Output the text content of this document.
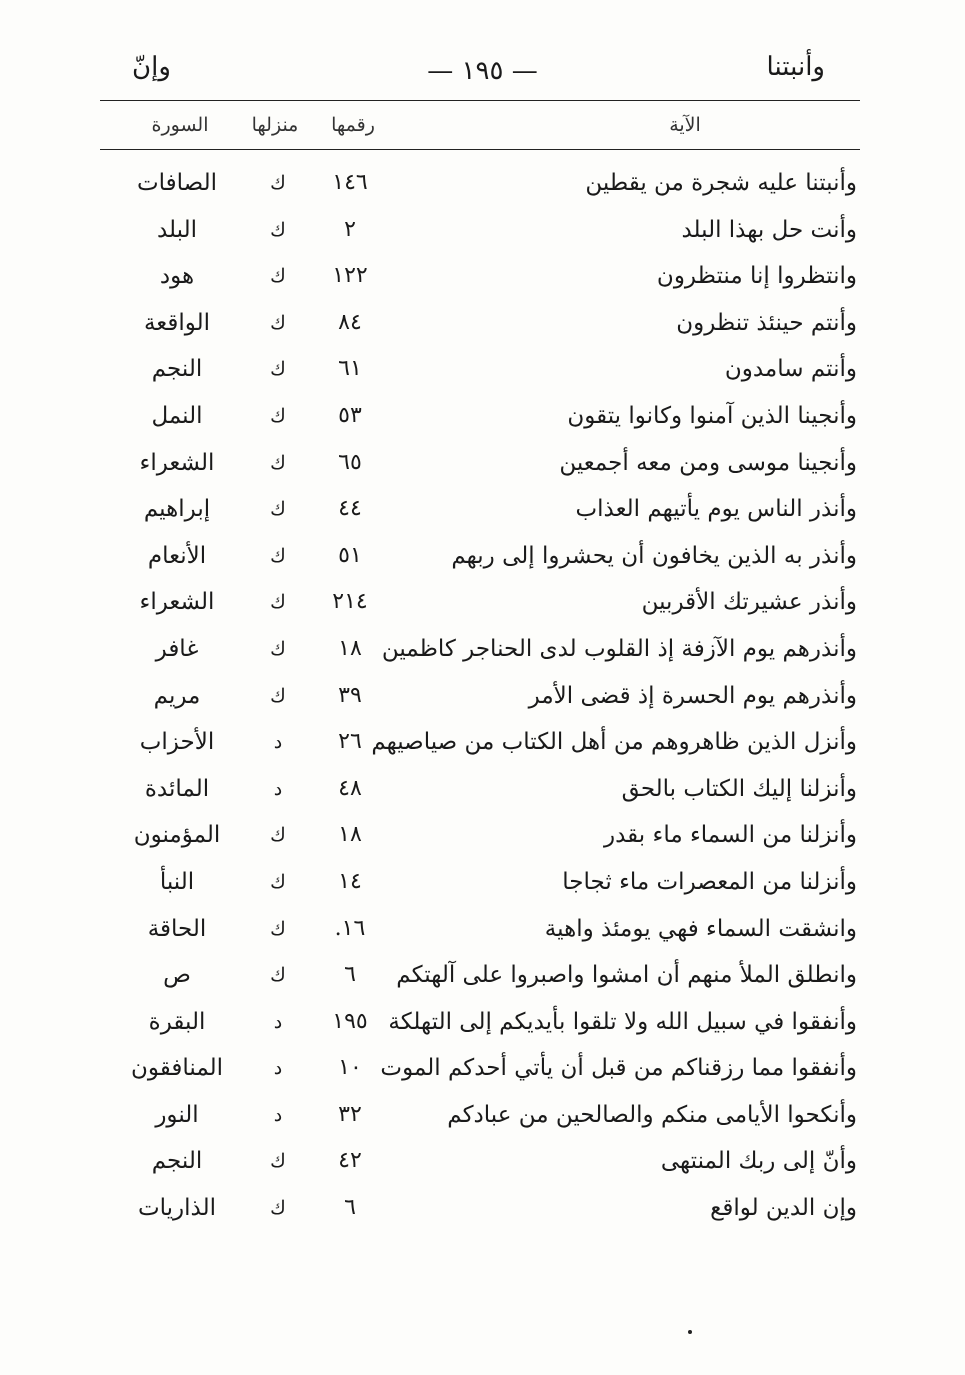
وأنبتنا
— ١٩٥ —
وإنّ
الآية
رقمها
منزلها
السورة
وأنبتنا عليه شجرة من يقطين
١٤٦
ك
الصافات
وأنت حل بهذا البلد
٢
ك
البلد
وانتظروا إنا منتظرون
١٢٢
ك
هود
وأنتم حينئذ تنظرون
٨٤
ك
الواقعة
وأنتم سامدون
٦١
ك
النجم
وأنجينا الذين آمنوا وكانوا يتقون
٥٣
ك
النمل
وأنجينا موسى ومن معه أجمعين
٦٥
ك
الشعراء
وأنذر الناس يوم يأتيهم العذاب
٤٤
ك
إبراهيم
وأنذر به الذين يخافون أن يحشروا إلى ربهم
٥١
ك
الأنعام
وأنذر عشيرتك الأقربين
٢١٤
ك
الشعراء
وأنذرهم يوم الآزفة إذ القلوب لدى الحناجر كاظمين
١٨
ك
غافر
وأنذرهم يوم الحسرة إذ قضى الأمر
٣٩
ك
مريم
وأنزل الذين ظاهروهم من أهل الكتاب من صياصيهم
٢٦
د
الأحزاب
وأنزلنا إليك الكتاب بالحق
٤٨
د
المائدة
وأنزلنا من السماء ماء بقدر
١٨
ك
المؤمنون
وأنزلنا من المعصرات ماء ثجاجا
١٤
ك
النبأ
وانشقت السماء فهي يومئذ واهية
١٦.
ك
الحاقة
وانطلق الملأ منهم أن امشوا واصبروا على آلهتكم
٦
ك
ص
وأنفقوا في سبيل الله ولا تلقوا بأيديكم إلى التهلكة
١٩٥
د
البقرة
وأنفقوا مما رزقناكم من قبل أن يأتي أحدكم الموت
١٠
د
المنافقون
وأنكحوا الأيامى منكم والصالحين من عبادكم
٣٢
د
النور
وأنّ إلى ربك المنتهى
٤٢
ك
النجم
وإن الدين لواقع
٦
ك
الذاريات
